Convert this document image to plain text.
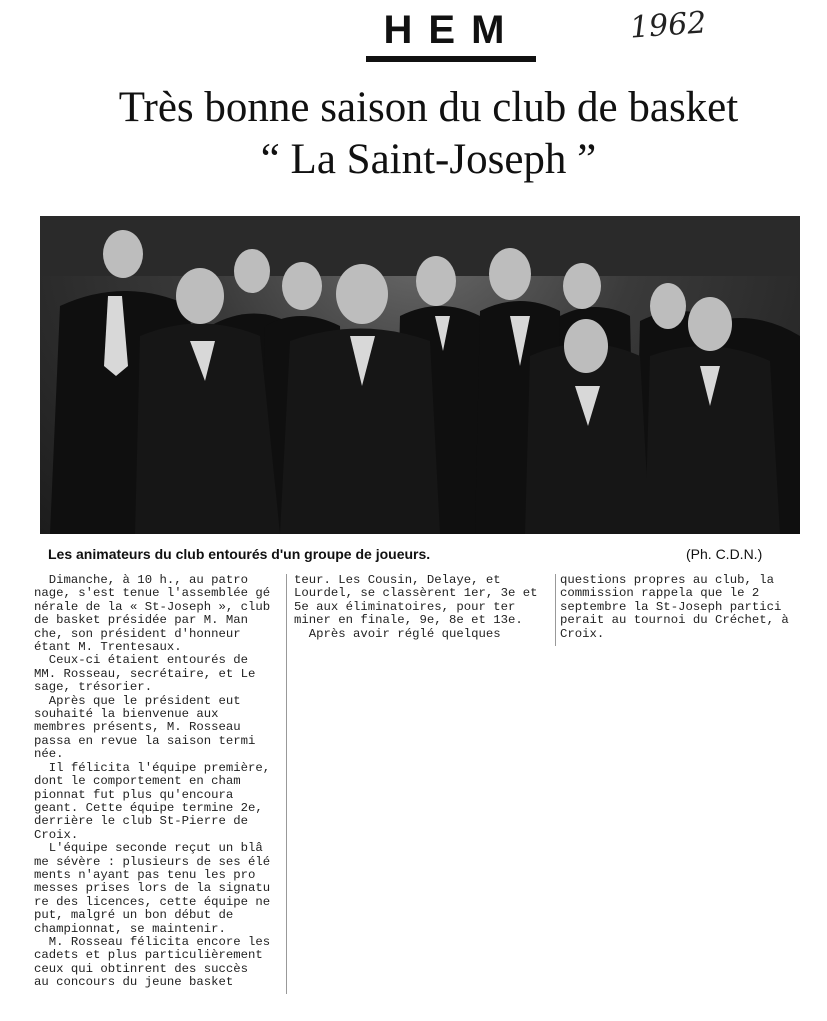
HEM	1962
Très bonne saison du club de basket
“ La Saint-Joseph ”
Les animateurs du club entourés d'un groupe de joueurs.	(Ph. C.D.N.)

Dimanche, à 10 h., au patro

nage, s'est tenue l'assemblée gé

nérale de la « St-Joseph », club

de basket présidée par M. Man

che, son président d'honneur

étant M. Trentesaux.

Ceux-ci étaient entourés de

MM. Rosseau, secrétaire, et Le

sage, trésorier.

Après que le président eut

souhaité la bienvenue aux

membres présents, M. Rosseau

passa en revue la saison termi

née.

Il félicita l'équipe première,

dont le comportement en cham

pionnat fut plus qu'encoura

geant. Cette équipe termine 2e,

derrière le club St-Pierre de

Croix.

L'équipe seconde reçut un blâ

me sévère : plusieurs de ses élé

ments n'ayant pas tenu les pro

messes prises lors de la signatu

re des licences, cette équipe ne

put, malgré un bon début de

championnat, se maintenir.

M. Rosseau félicita encore les

cadets et plus particulièrement

ceux qui obtinrent des succès

au concours du jeune basket

teur. Les Cousin, Delaye, et

Lourdel, se classèrent 1er, 3e et

5e aux éliminatoires, pour ter

miner en finale, 9e, 8e et 13e.

Après avoir réglé quelques

questions propres au club, la

commission rappela que le 2

septembre la St-Joseph partici

perait au tournoi du Créchet, à

Croix.
